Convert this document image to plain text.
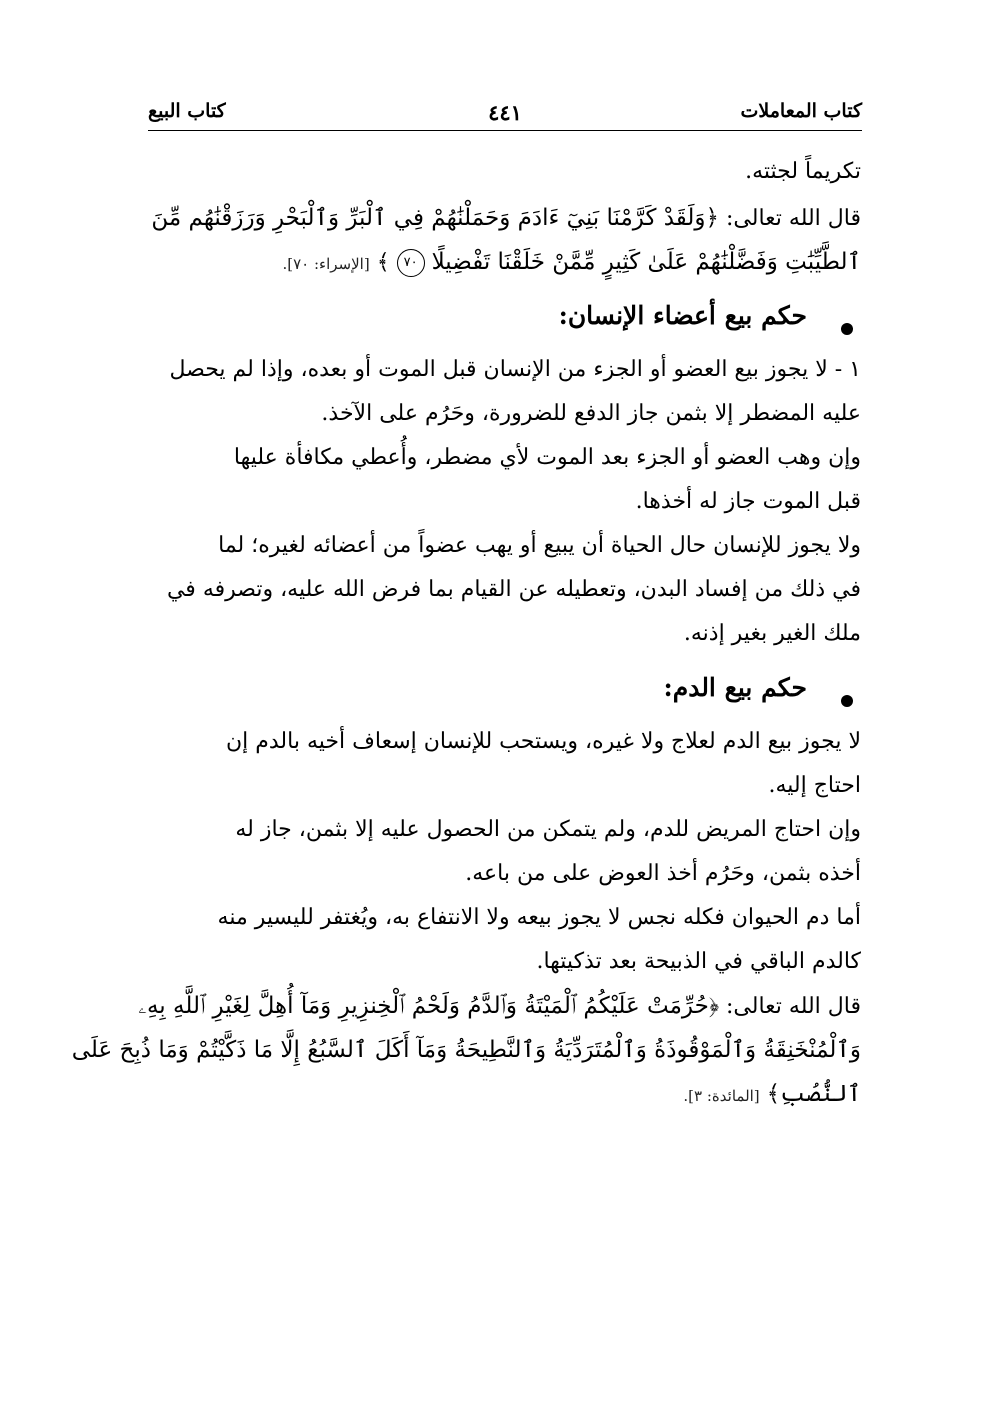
كتاب المعاملات
٤٤١
كتاب البيع
تكريماً لجثته.
قال الله تعالى: ﴿وَلَقَدْ كَرَّمْنَا بَنِيٓ ءَادَمَ وَحَمَلْنَٰهُمْ فِي ٱلْبَرِّ وَٱلْبَحْرِ وَرَزَقْنَٰهُم مِّنَ
ٱلطَّيِّبَٰتِ وَفَضَّلْنَٰهُمْ عَلَىٰ كَثِيرٍ مِّمَّنْ خَلَقْنَا تَفْضِيلًا ٧٠ ﴾ [الإسراء: ٧٠].
حكم بيع أعضاء الإنسان:
١ - لا يجوز بيع العضو أو الجزء من الإنسان قبل الموت أو بعده، وإذا لم يحصل
عليه المضطر إلا بثمن جاز الدفع للضرورة، وحَرُم على الآخذ.
وإن وهب العضو أو الجزء بعد الموت لأي مضطر، وأُعطي مكافأة عليها
قبل الموت جاز له أخذها.
ولا يجوز للإنسان حال الحياة أن يبيع أو يهب عضواً من أعضائه لغيره؛ لما
في ذلك من إفساد البدن، وتعطيله عن القيام بما فرض الله عليه، وتصرفه في
ملك الغير بغير إذنه.
حكم بيع الدم:
لا يجوز بيع الدم لعلاج ولا غيره، ويستحب للإنسان إسعاف أخيه بالدم إن
احتاج إليه.
وإن احتاج المريض للدم، ولم يتمكن من الحصول عليه إلا بثمن، جاز له
أخذه بثمن، وحَرُم أخذ العوض على من باعه.
أما دم الحيوان فكله نجس لا يجوز بيعه ولا الانتفاع به، ويُغتفر لليسير منه
كالدم الباقي في الذبيحة بعد تذكيتها.
قال الله تعالى: ﴿حُرِّمَتْ عَلَيْكُمُ ٱلْمَيْتَةُ وَٱلدَّمُ وَلَحْمُ ٱلْخِنزِيرِ وَمَآ أُهِلَّ لِغَيْرِ ٱللَّهِ بِهِۦ
وَٱلْمُنْخَنِقَةُ وَٱلْمَوْقُوذَةُ وَٱلْمُتَرَدِّيَةُ وَٱلنَّطِيحَةُ وَمَآ أَكَلَ ٱلسَّبُعُ إِلَّا مَا ذَكَّيْتُمْ وَمَا ذُبِحَ عَلَى
ٱلنُّصُبِ﴾ [المائدة: ٣].
